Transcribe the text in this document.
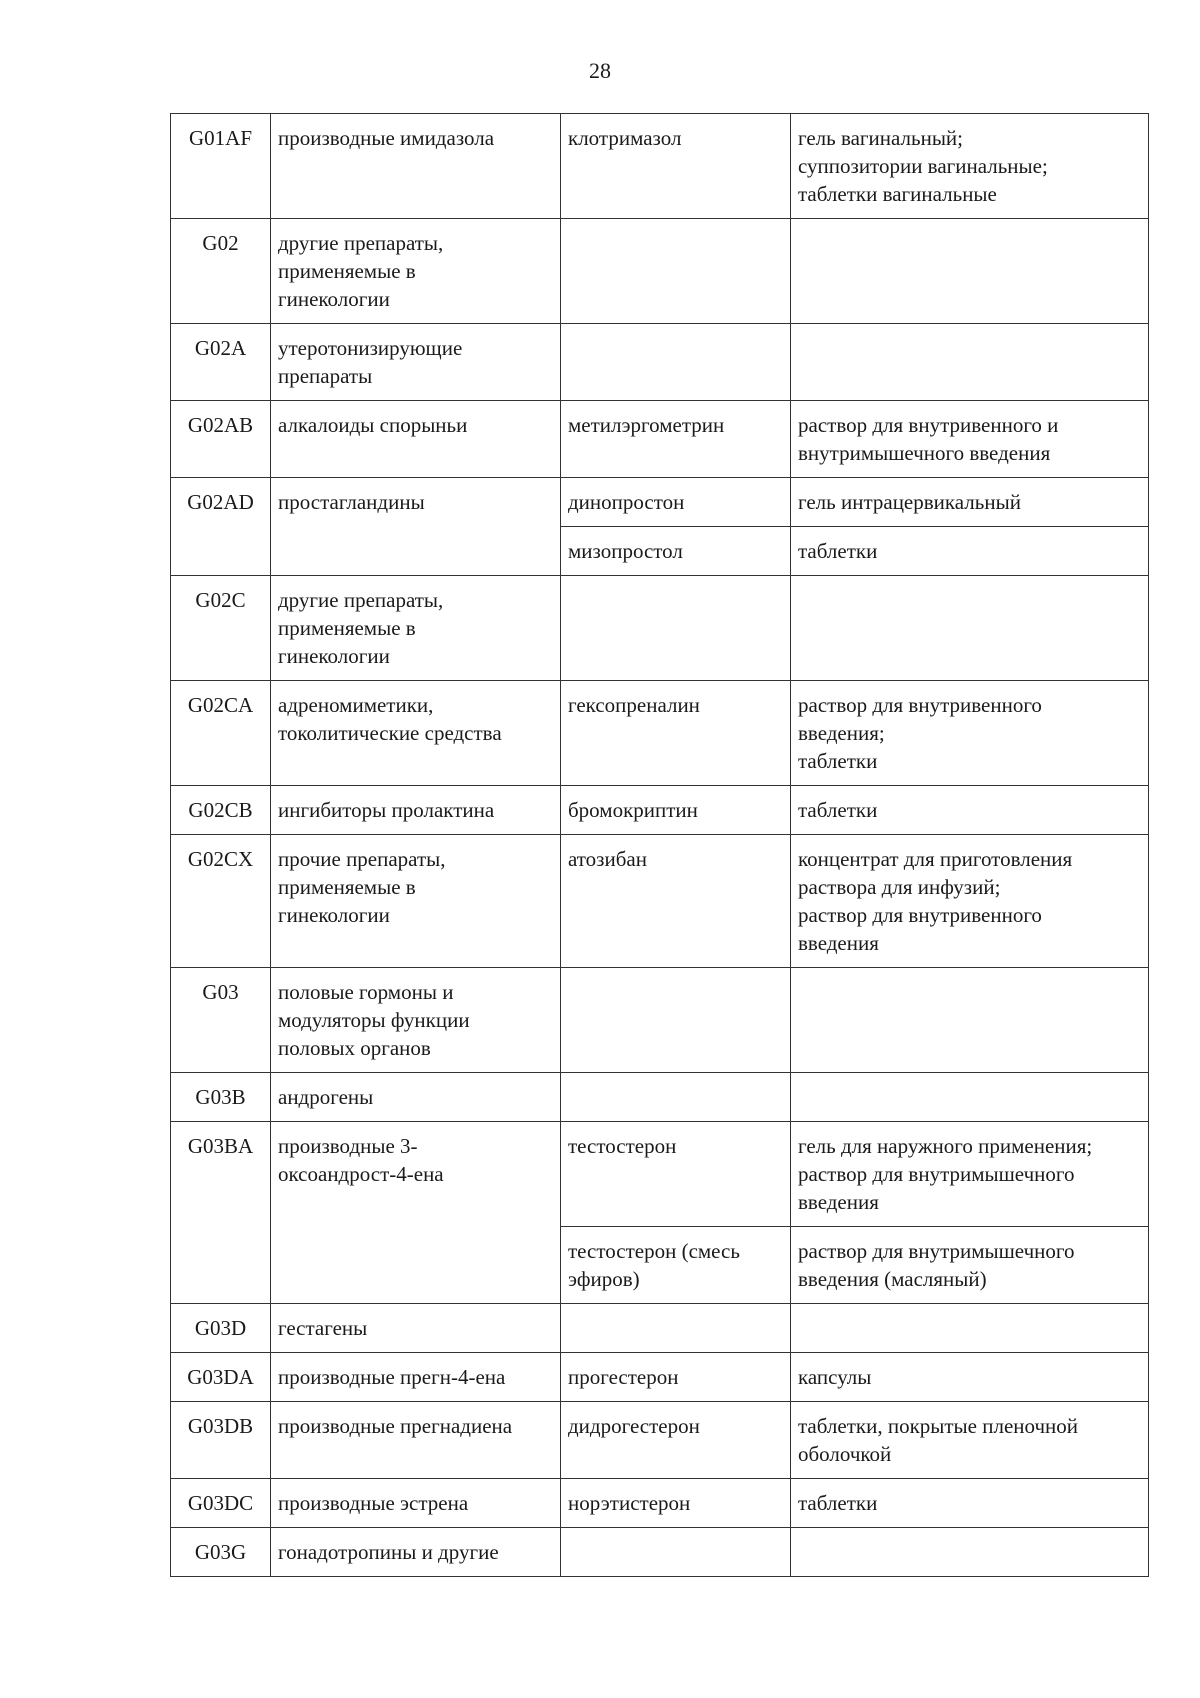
28
G01AF	производные имидазола	клотримазол	гель вагинальный;
суппозитории вагинальные;
таблетки вагинальные
G02	другие препараты,
применяемые в
гинекологии		
G02A	утеротонизирующие
препараты		
G02AB	алкалоиды спорыньи	метилэргометрин	раствор для внутривенного и
внутримышечного введения
G02AD	простагландины	динопростон	гель интрацервикальный
		мизопростол	таблетки
G02C	другие препараты,
применяемые в
гинекологии		
G02CA	адреномиметики,
токолитические средства	гексопреналин	раствор для внутривенного
введения;
таблетки
G02CB	ингибиторы пролактина	бромокриптин	таблетки
G02CX	прочие препараты,
применяемые в
гинекологии	атозибан	концентрат для приготовления
раствора для инфузий;
раствор для внутривенного
введения
G03	половые гормоны и
модуляторы функции
половых органов		
G03B	андрогены		
G03BA	производные 3-
оксоандрост-4-ена	тестостерон	гель для наружного применения;
раствор для внутримышечного
введения
		тестостерон (смесь
эфиров)	раствор для внутримышечного
введения (масляный)
G03D	гестагены		
G03DA	производные прегн-4-ена	прогестерон	капсулы
G03DB	производные прегнадиена	дидрогестерон	таблетки, покрытые пленочной
оболочкой
G03DC	производные эстрена	норэтистерон	таблетки
G03G	гонадотропины и другие		
